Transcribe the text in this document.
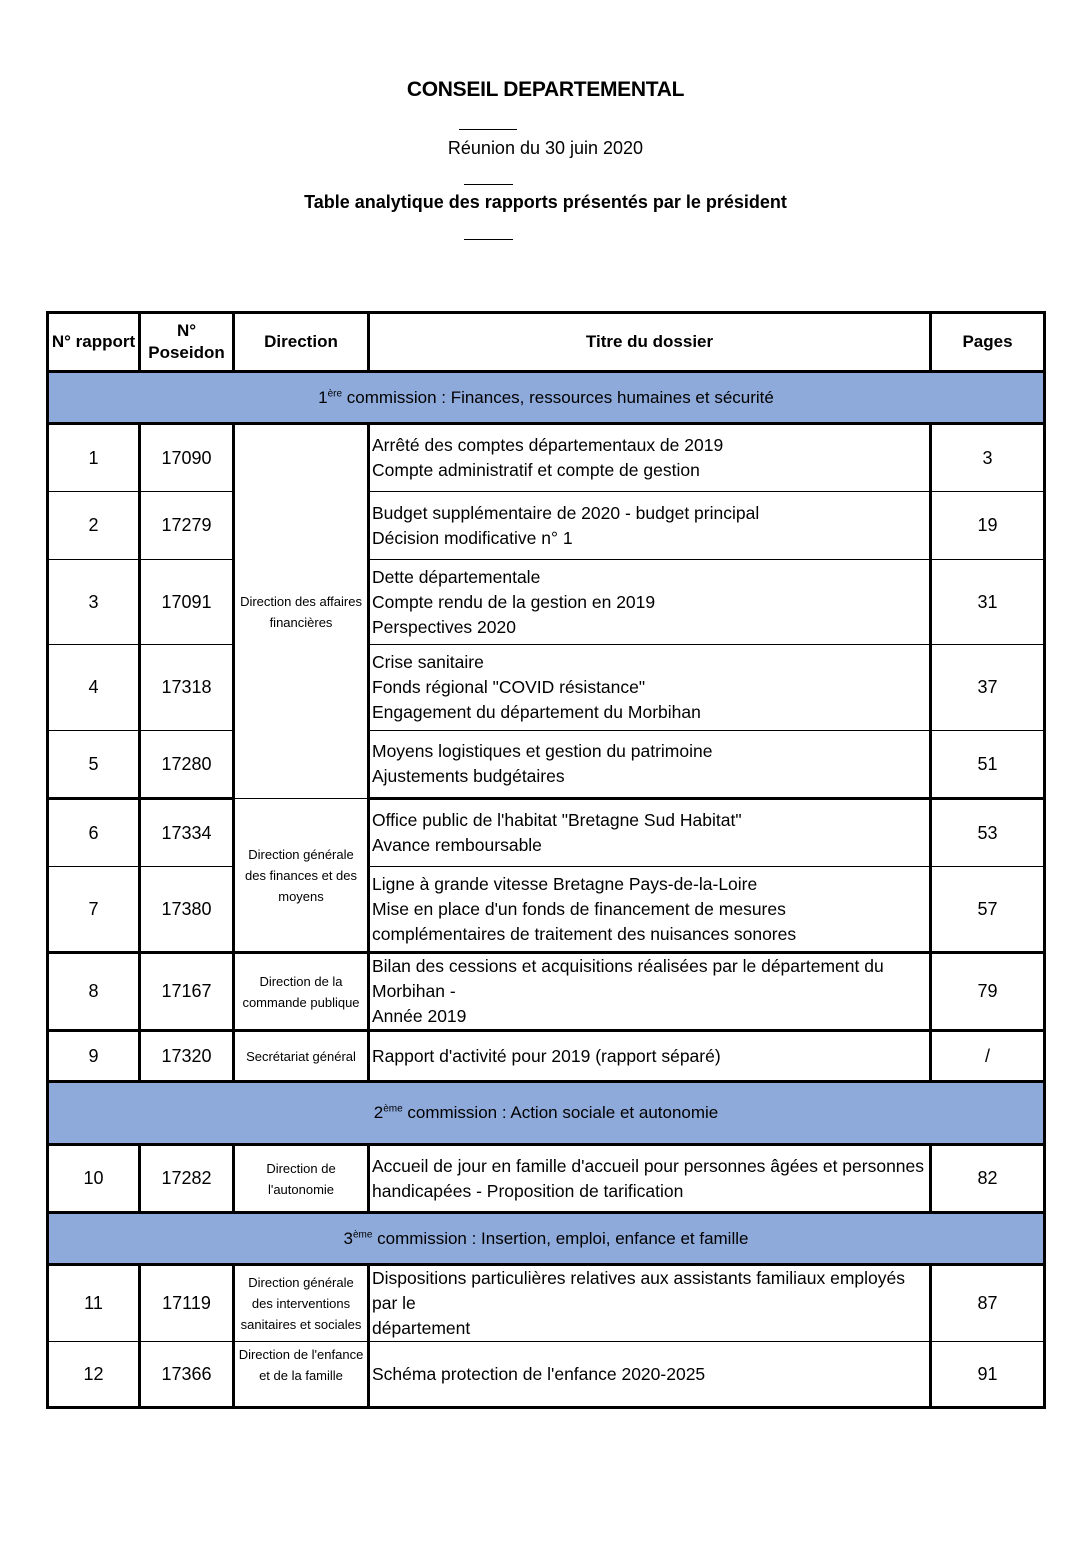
CONSEIL DEPARTEMENTAL
Réunion du 30 juin 2020
Table analytique des rapports présentés par le président
N° rapport	N°
Poseidon	Direction	Titre du dossier	Pages
1ère commission : Finances, ressources humaines et sécurité				
1	17090	Direction des affaires
financières	Arrêté des comptes départementaux de 2019
Compte administratif et compte de gestion	3
2	17279		Budget supplémentaire de 2020 - budget principal
Décision modificative n° 1	19
3	17091		Dette départementale
Compte rendu de la gestion en 2019
Perspectives 2020	31
4	17318		Crise sanitaire
Fonds régional "COVID résistance"
Engagement du département du Morbihan	37
5	17280		Moyens logistiques et gestion du patrimoine
Ajustements budgétaires	51
6	17334	Direction générale
des finances et des
moyens	Office public de l'habitat "Bretagne Sud Habitat"
Avance remboursable	53
7	17380		Ligne à grande vitesse Bretagne Pays-de-la-Loire
Mise en place d'un fonds de financement de mesures
complémentaires de traitement des nuisances sonores	57
8	17167	Direction de la
commande publique	Bilan des cessions et acquisitions réalisées par le département du Morbihan -
Année 2019	79
9	17320	Secrétariat général	Rapport d'activité pour 2019 (rapport séparé)	/
2ème commission : Action sociale et autonomie				
10	17282	Direction de
l'autonomie	Accueil de jour en famille d'accueil pour personnes âgées et personnes
handicapées - Proposition de tarification	82
3ème commission : Insertion, emploi, enfance et famille				
11	17119	Direction générale
des interventions
sanitaires et sociales	Dispositions particulières relatives aux assistants familiaux employés par le
département	87
12	17366	Direction de l'enfance
et de la famille	Schéma protection de l'enfance 2020-2025	91
